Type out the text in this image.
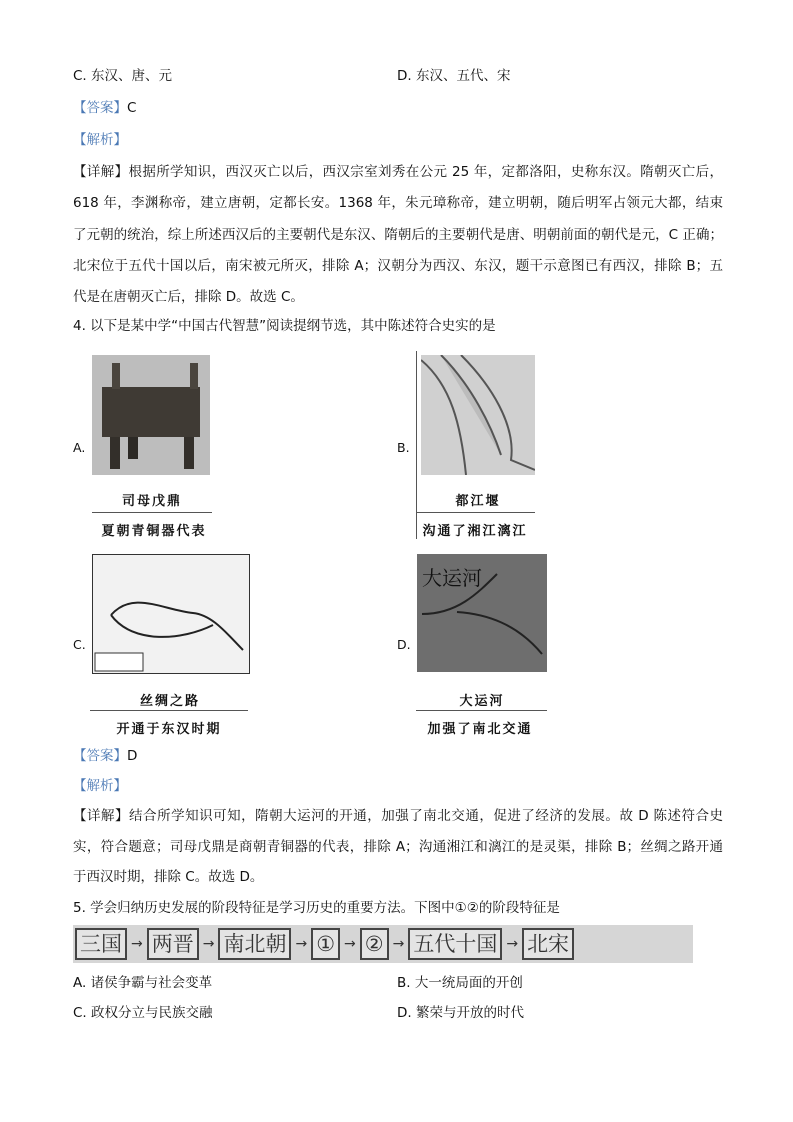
C. 东汉、唐、元	D. 东汉、五代、宋
【答案】C
【解析】
【详解】根据所学知识，西汉灭亡以后，西汉宗室刘秀在公元 25 年，定都洛阳，史称东汉。隋朝灭亡后，
618 年，李渊称帝，建立唐朝，定都长安。1368 年，朱元璋称帝，建立明朝，随后明军占领元大都，结束
了元朝的统治，综上所述西汉后的主要朝代是东汉、隋朝后的主要朝代是唐、明朝前面的朝代是元，C 正确；
北宋位于五代十国以后，南宋被元所灭，排除 A；汉朝分为西汉、东汉，题干示意图已有西汉，排除 B；五
代是在唐朝灭亡后，排除 D。故选 C。
4. 以下是某中学“中国古代智慧”阅读提纲节选，其中陈述符合史实的是
A.
司母戊鼎
夏朝青铜器代表
B.
都江堰
沟通了湘江漓江
C.
丝绸之路
开通于东汉时期
D.
大运河
大运河
加强了南北交通
【答案】D
【解析】
【详解】结合所学知识可知，隋朝大运河的开通，加强了南北交通，促进了经济的发展。故 D 陈述符合史
实，符合题意；司母戊鼎是商朝青铜器的代表，排除 A；沟通湘江和漓江的是灵渠，排除 B；丝绸之路开通
于西汉时期，排除 C。故选 D。
5. 学会归纳历史发展的阶段特征是学习历史的重要方法。下图中①②的阶段特征是
三国 → 两晋 → 南北朝 → ① → ② → 五代十国 → 北宋
A. 诸侯争霸与社会变革	B. 大一统局面的开创
C. 政权分立与民族交融	D. 繁荣与开放的时代
